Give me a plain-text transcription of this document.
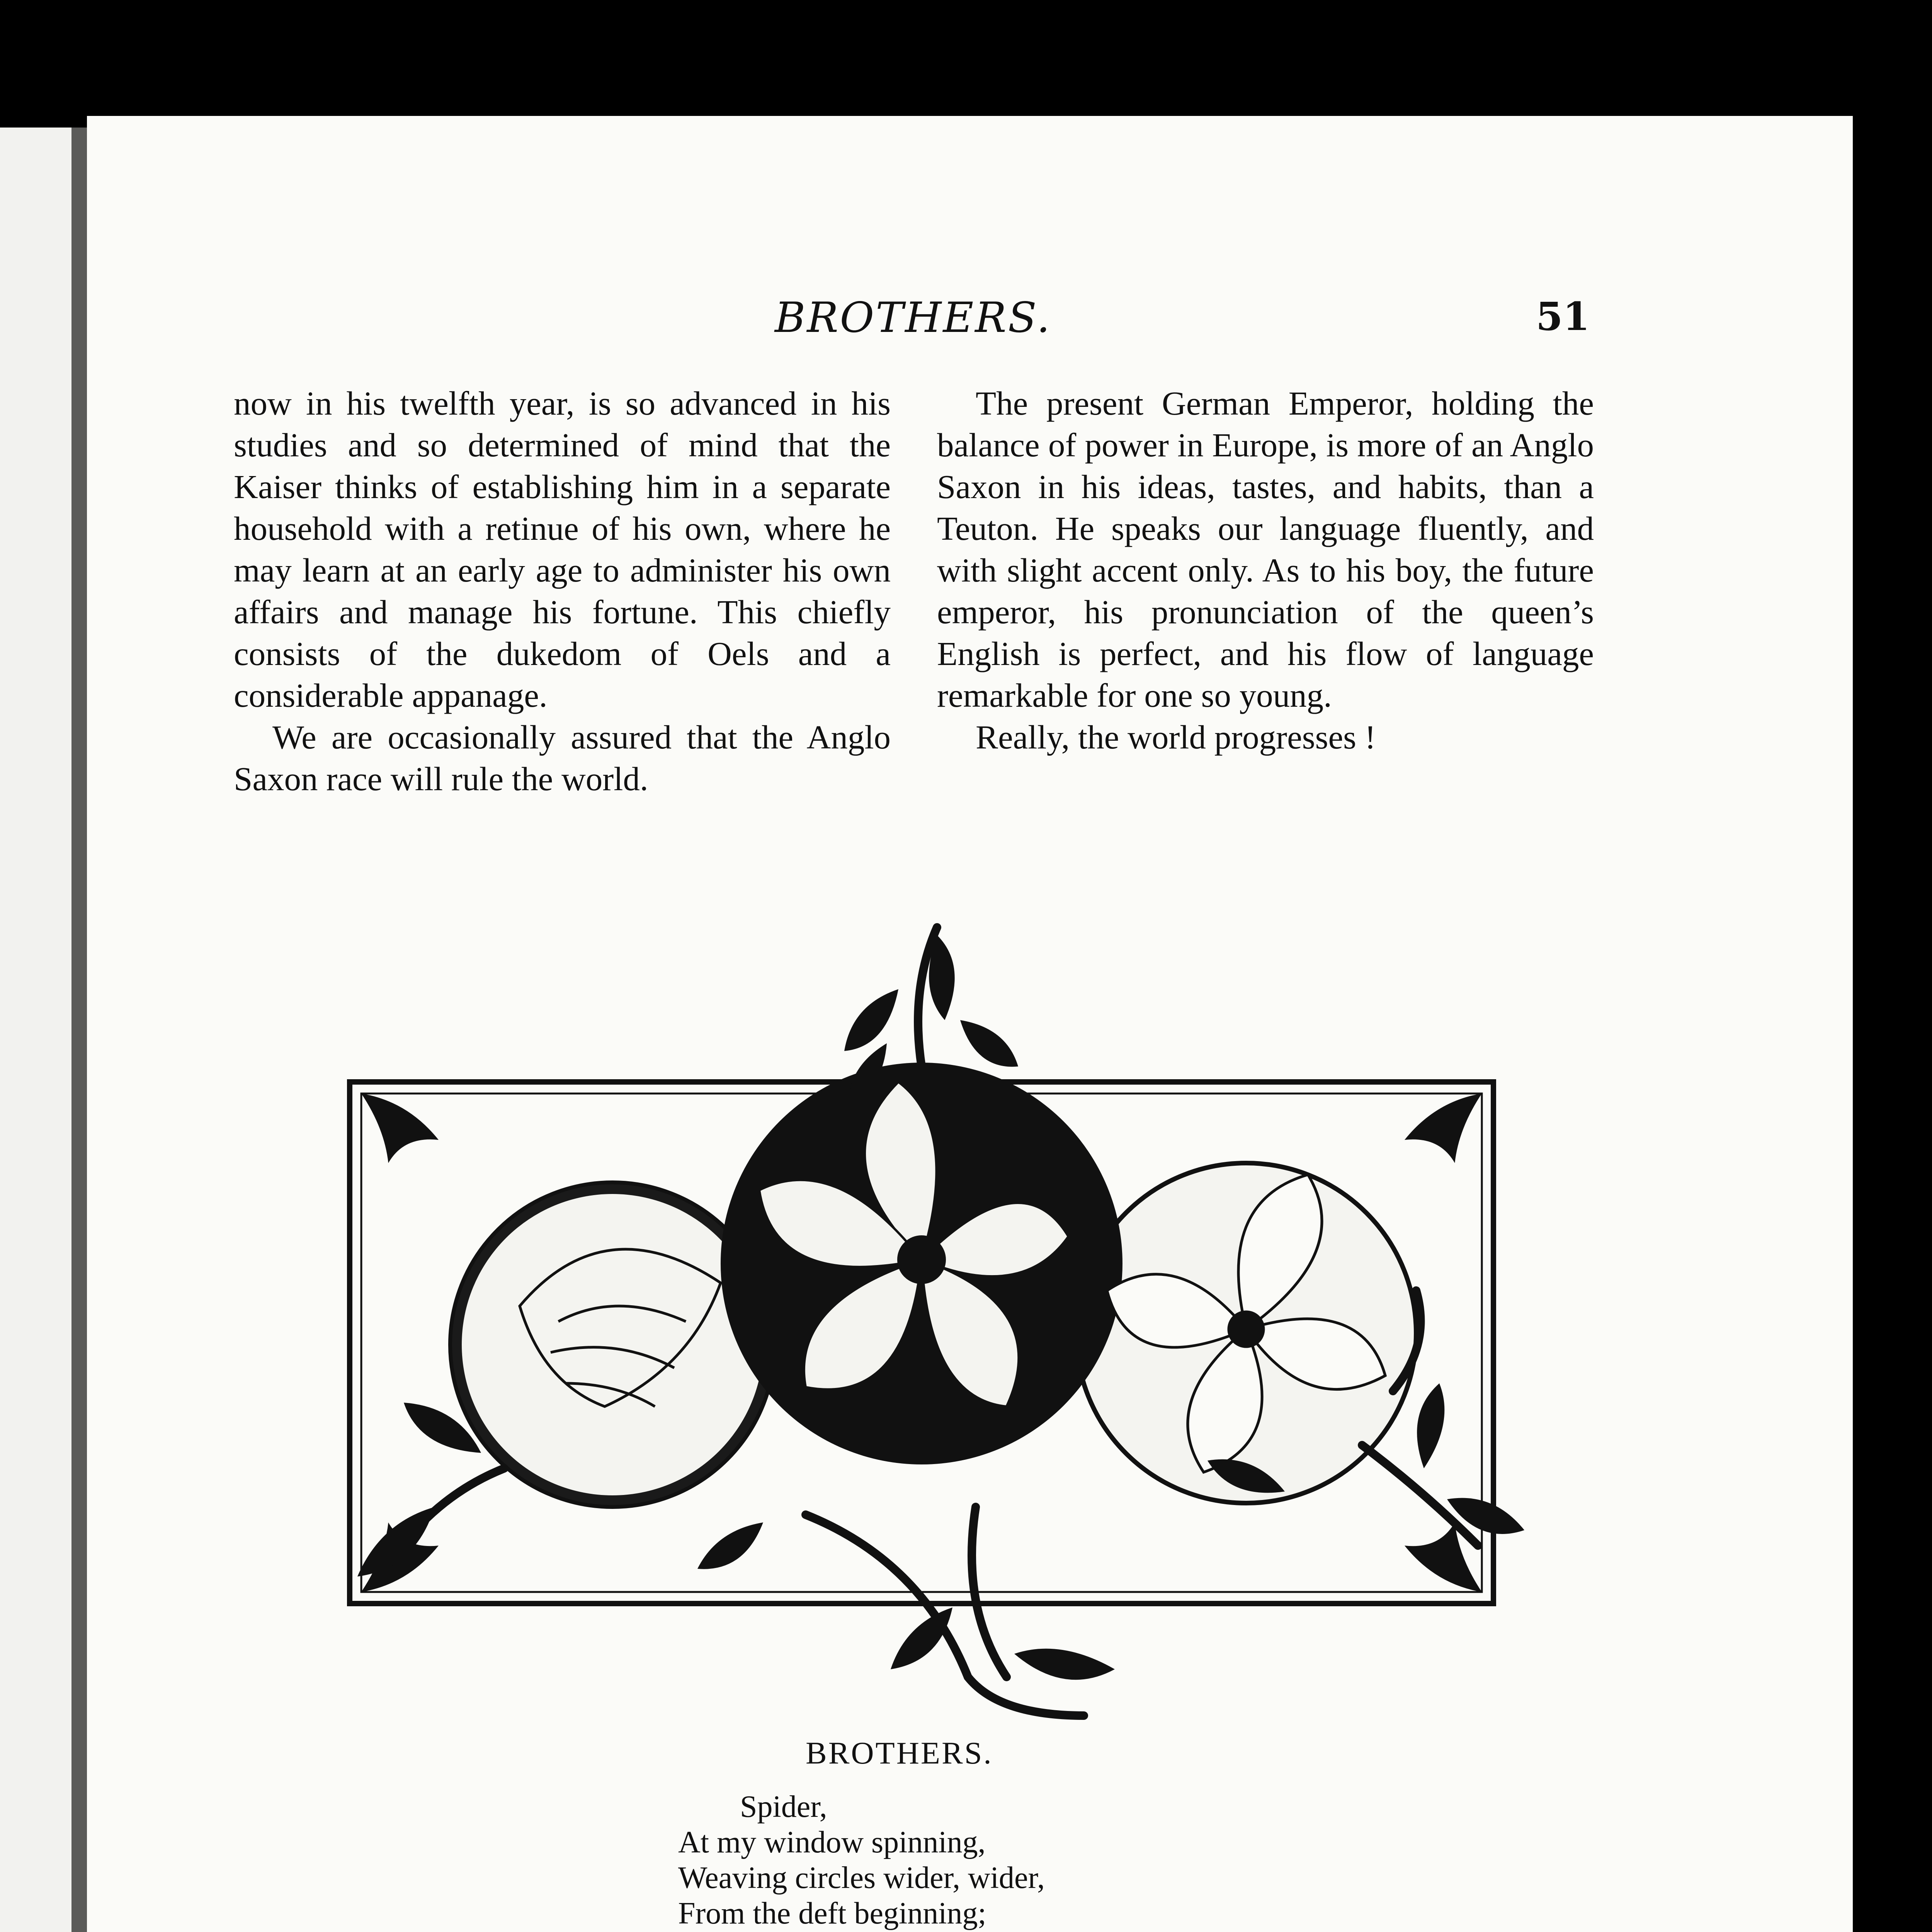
BROTHERS.	51

now in his twelfth year, is so advanced in his studies and so determined of mind that the Kaiser thinks of establishing him in a separate household with a retinue of his own, where he may learn at an early age to administer his own affairs and manage his fortune. This chiefly consists of the dukedom of Oels and a considerable appanage.

We are occasionally assured that the Anglo Saxon race will rule the world.

The present German Emperor, holding the balance of power in Europe, is more of an Anglo Saxon in his ideas, tastes, and habits, than a Teuton. He speaks our language fluently, and with slight accent only. As to his boy, the future emperor, his pronunciation of the queen’s English is perfect, and his flow of language remarkable for one so young.

Really, the world progresses !

BROTHERS.
Spider,
At my window spinning,
Weaving circles wider, wider,
From the deft beginning;
